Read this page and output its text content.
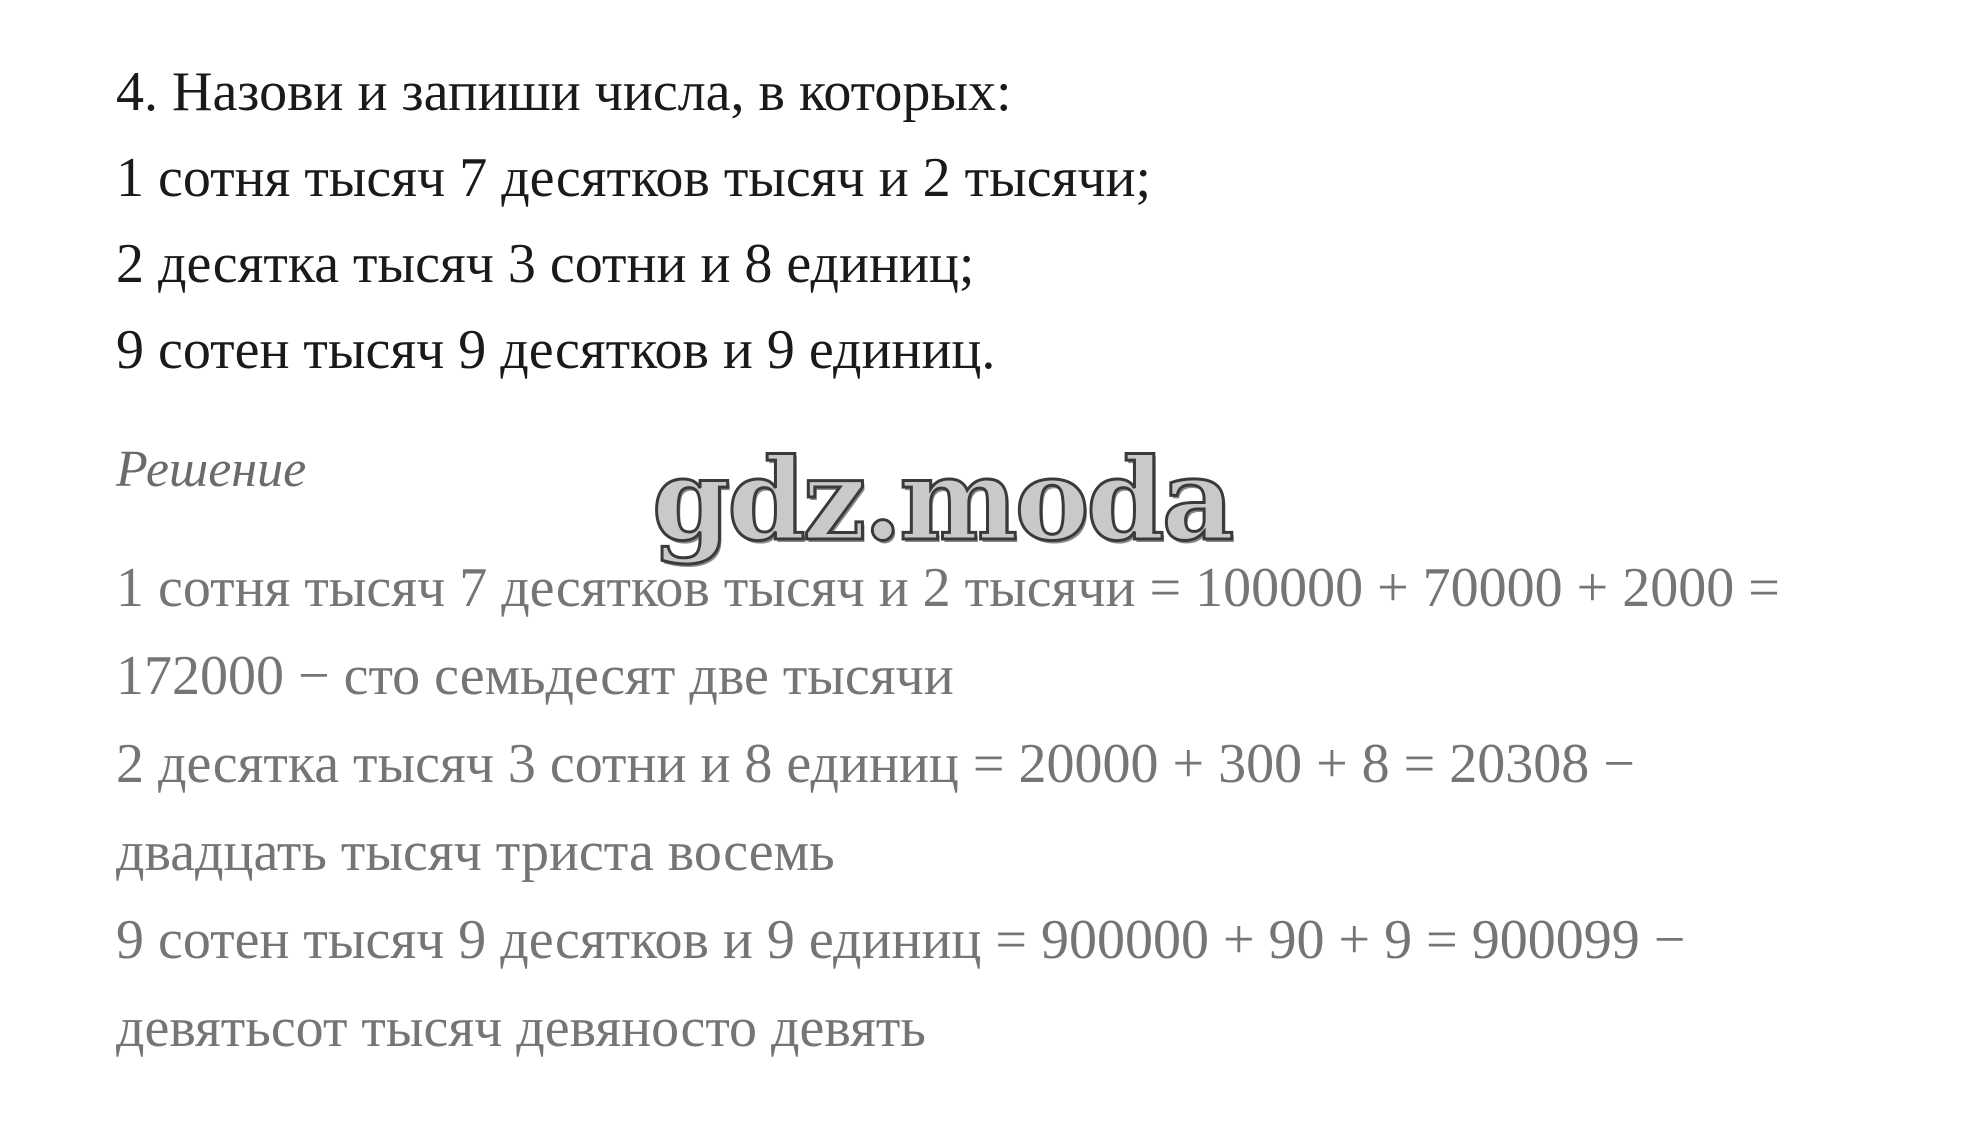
4. Назови и запиши числа, в которых:
1 сотня тысяч 7 десятков тысяч и 2 тысячи;
2 десятка тысяч 3 сотни и 8 единиц;
9 сотен тысяч 9 десятков и 9 единиц.
Решение	gdz.moda
1 сотня тысяч 7 десятков тысяч и 2 тысячи = 100000 + 70000 + 2000 =
172000 − сто семьдесят две тысячи
2 десятка тысяч 3 сотни и 8 единиц = 20000 + 300 + 8 = 20308 −
двадцать тысяч триста восемь
9 сотен тысяч 9 десятков и 9 единиц = 900000 + 90 + 9 = 900099 −
девятьсот тысяч девяносто девять
